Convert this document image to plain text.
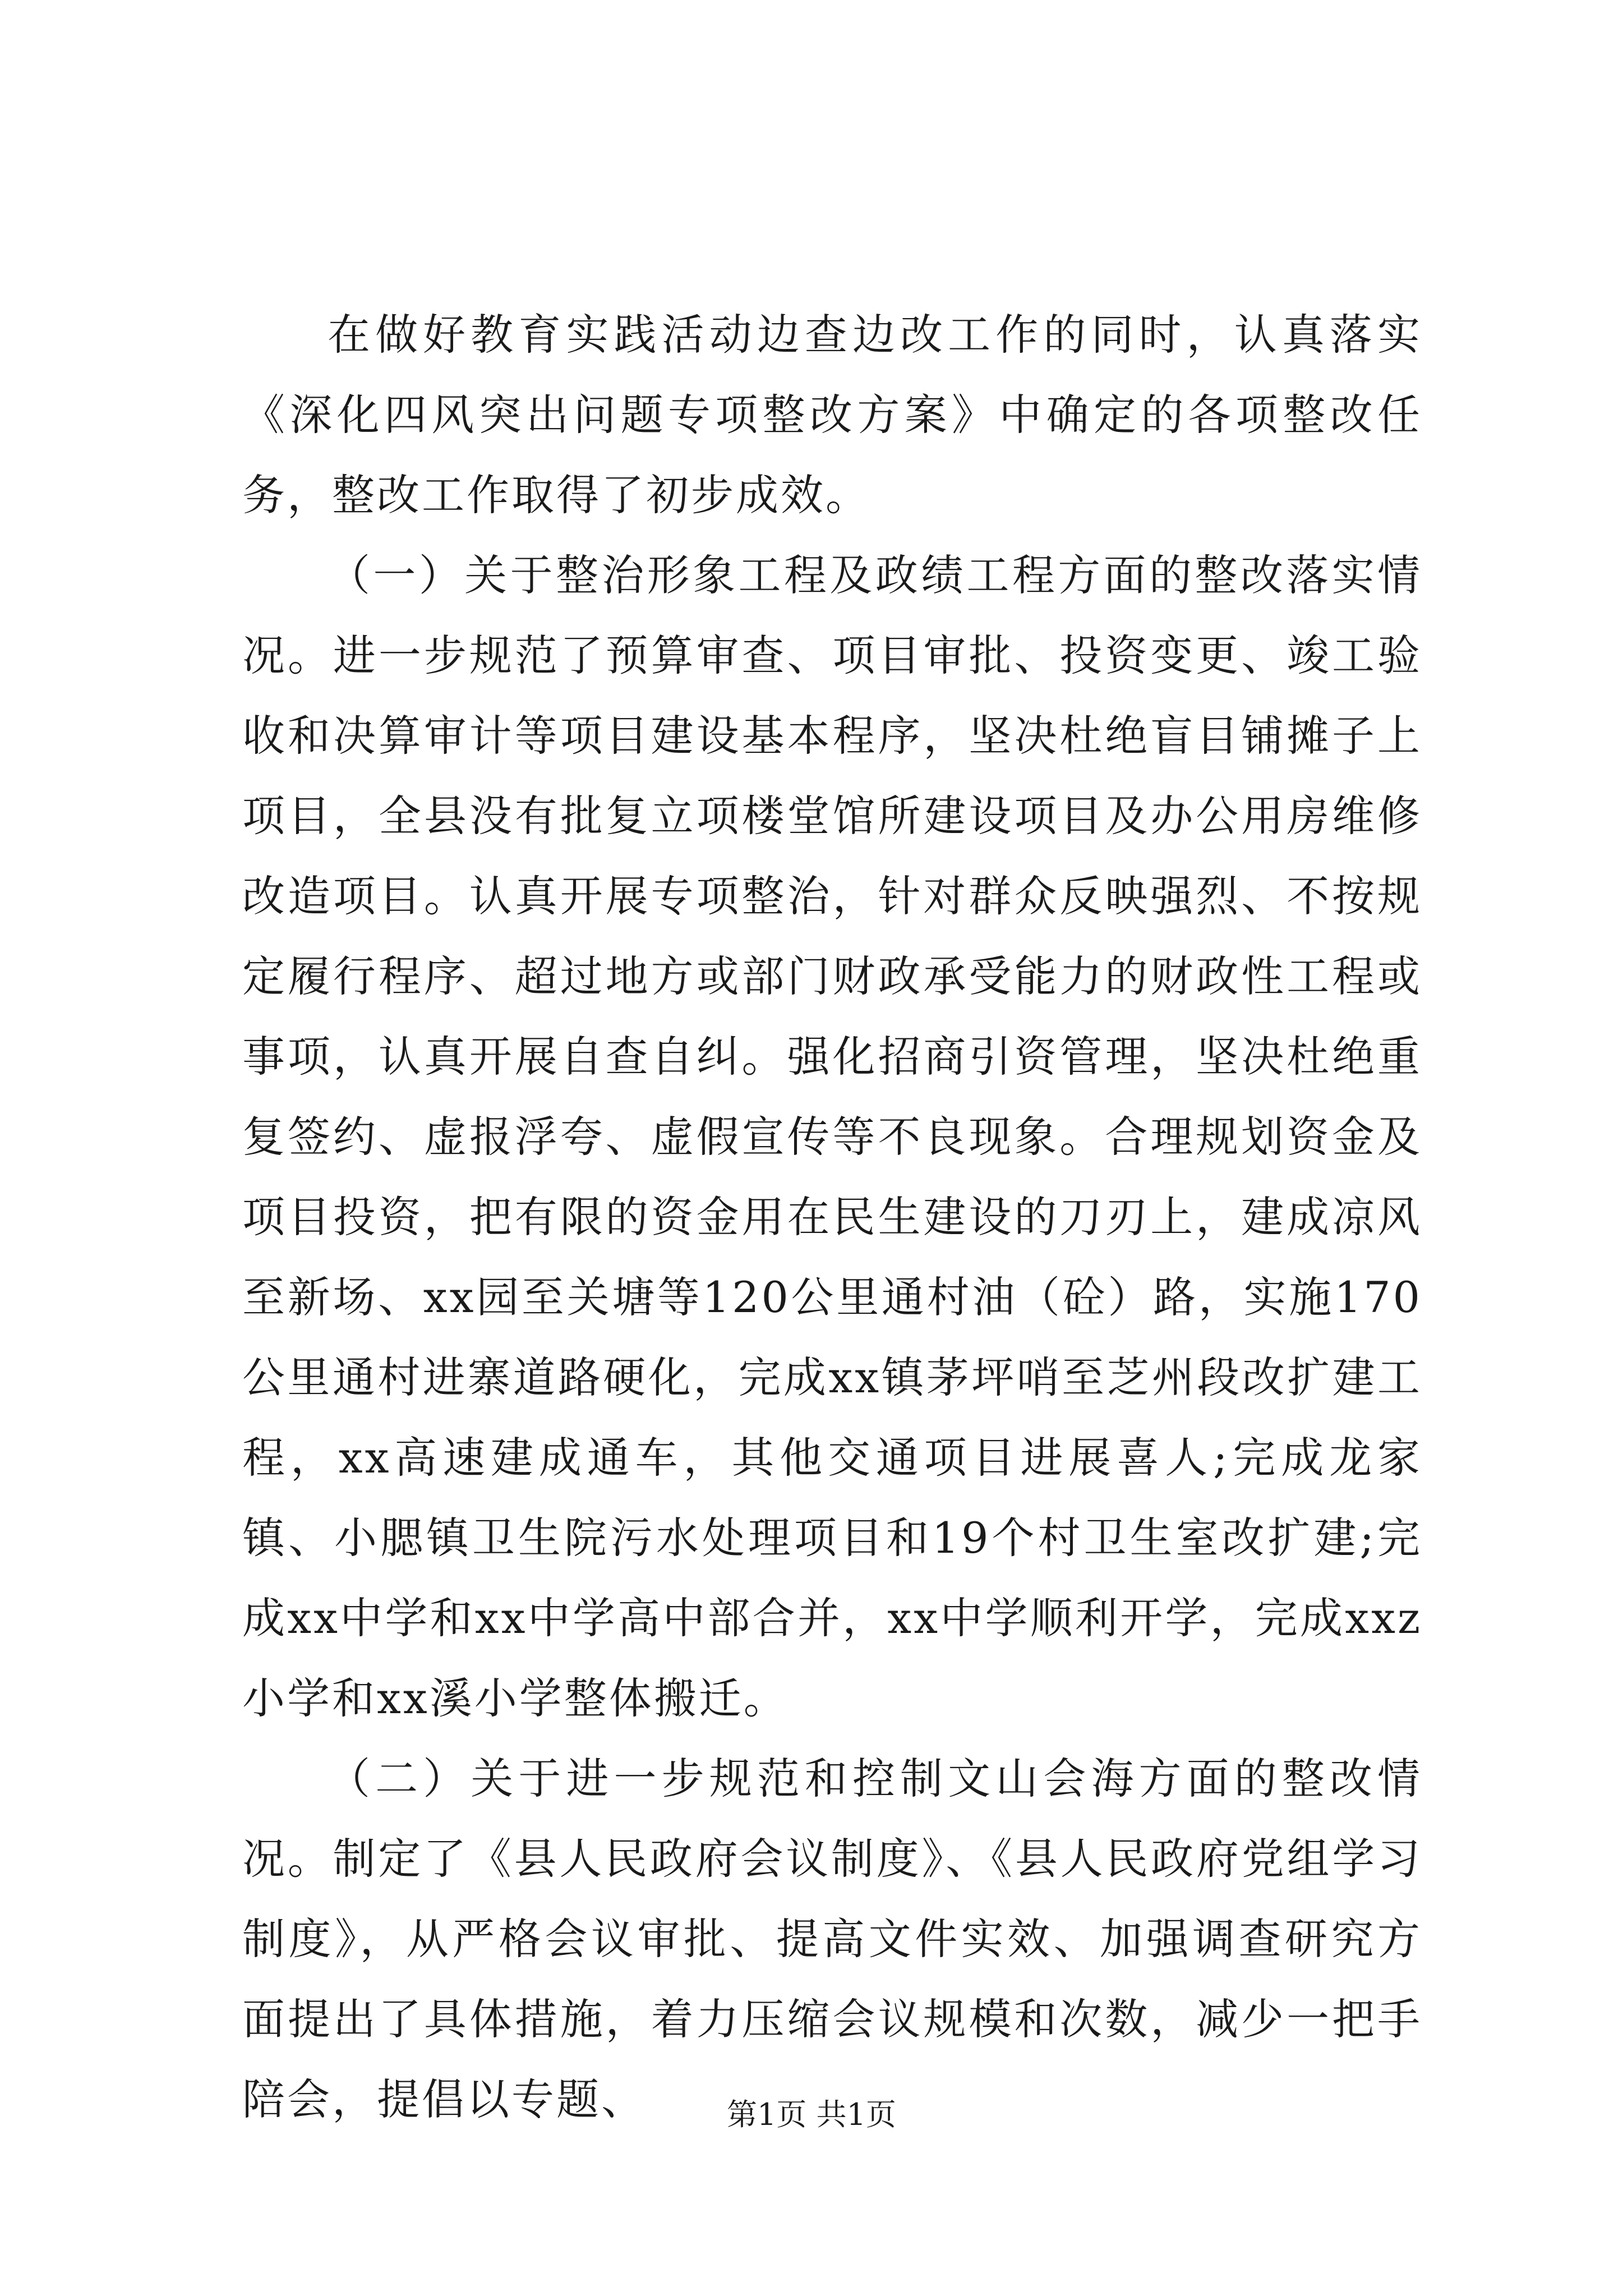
在做好教育实践活动边查边改工作的同时，认真落实《深化四风突出问题专项整改方案》中确定的各项整改任务，整改工作取得了初步成效。

（一）关于整治形象工程及政绩工程方面的整改落实情况。进一步规范了预算审查、项目审批、投资变更、竣工验收和决算审计等项目建设基本程序，坚决杜绝盲目铺摊子上项目，全县没有批复立项楼堂馆所建设项目及办公用房维修改造项目。认真开展专项整治，针对群众反映强烈、不按规定履行程序、超过地方或部门财政承受能力的财政性工程或事项，认真开展自查自纠。强化招商引资管理，坚决杜绝重复签约、虚报浮夸、虚假宣传等不良现象。合理规划资金及项目投资，把有限的资金用在民生建设的刀刃上，建成凉风至新场、xx园至关塘等120公里通村油（砼）路，实施170公里通村进寨道路硬化，完成xx镇茅坪哨至芝州段改扩建工程，xx高速建成通车，其他交通项目进展喜人;完成龙家镇、小腮镇卫生院污水处理项目和19个村卫生室改扩建;完成xx中学和xx中学高中部合并，xx中学顺利开学，完成xxz小学和xx溪小学整体搬迁。

（二）关于进一步规范和控制文山会海方面的整改情况。制定了《县人民政府会议制度》、《县人民政府党组学习制度》，从严格会议审批、提高文件实效、加强调查研究方面提出了具体措施，着力压缩会议规模和次数，减少一把手陪会，提倡以专题、	第1页 共1页
